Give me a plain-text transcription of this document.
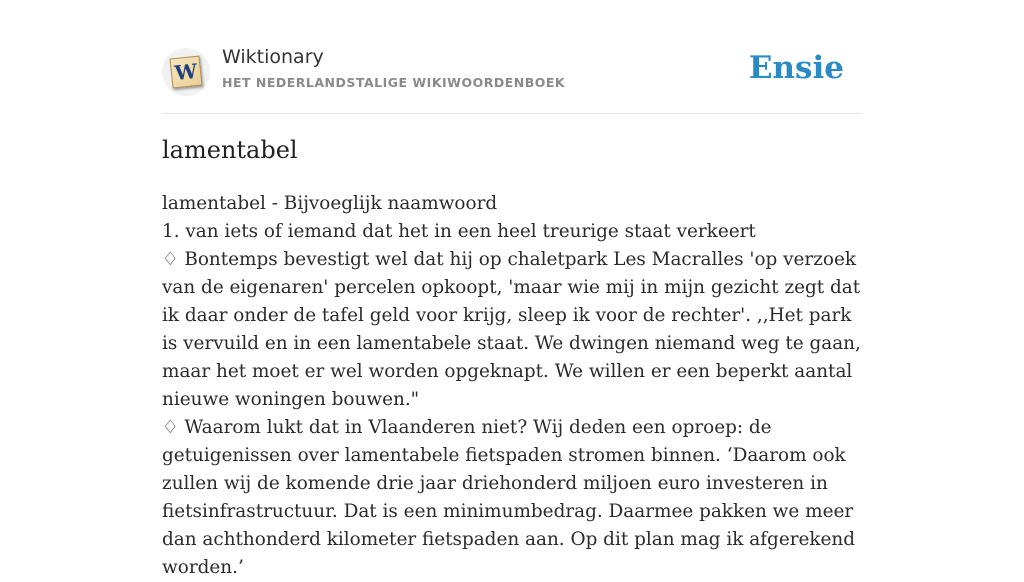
W
Wiktionary
HET NEDERLANDSTALIGE WIKIWOORDENBOEK	Ensie
lamentabel

lamentabel - Bijvoeglijk naamwoord

1. van iets of iemand dat het in een heel treurige staat verkeert

♢ Bontemps bevestigt wel dat hij op chaletpark Les Macralles 'op verzoek van de eigenaren' percelen opkoopt, 'maar wie mij in mijn gezicht zegt dat ik daar onder de tafel geld voor krijg, sleep ik voor de rechter'. ,,Het park is vervuild en in een lamentabele staat. We dwingen niemand weg te gaan, maar het moet er wel worden opgeknapt. We willen er een beperkt aantal nieuwe woningen bouwen."

♢ Waarom lukt dat in Vlaanderen niet? Wij deden een oproep: de getuigenissen over lamentabele fietspaden stromen binnen. ‘Daarom ook zullen wij de komende drie jaar driehonderd miljoen euro investeren in fietsinfrastructuur. Dat is een minimumbedrag. Daarmee pakken we meer dan achthonderd kilometer fietspaden aan. Op dit plan mag ik afgerekend worden.’
